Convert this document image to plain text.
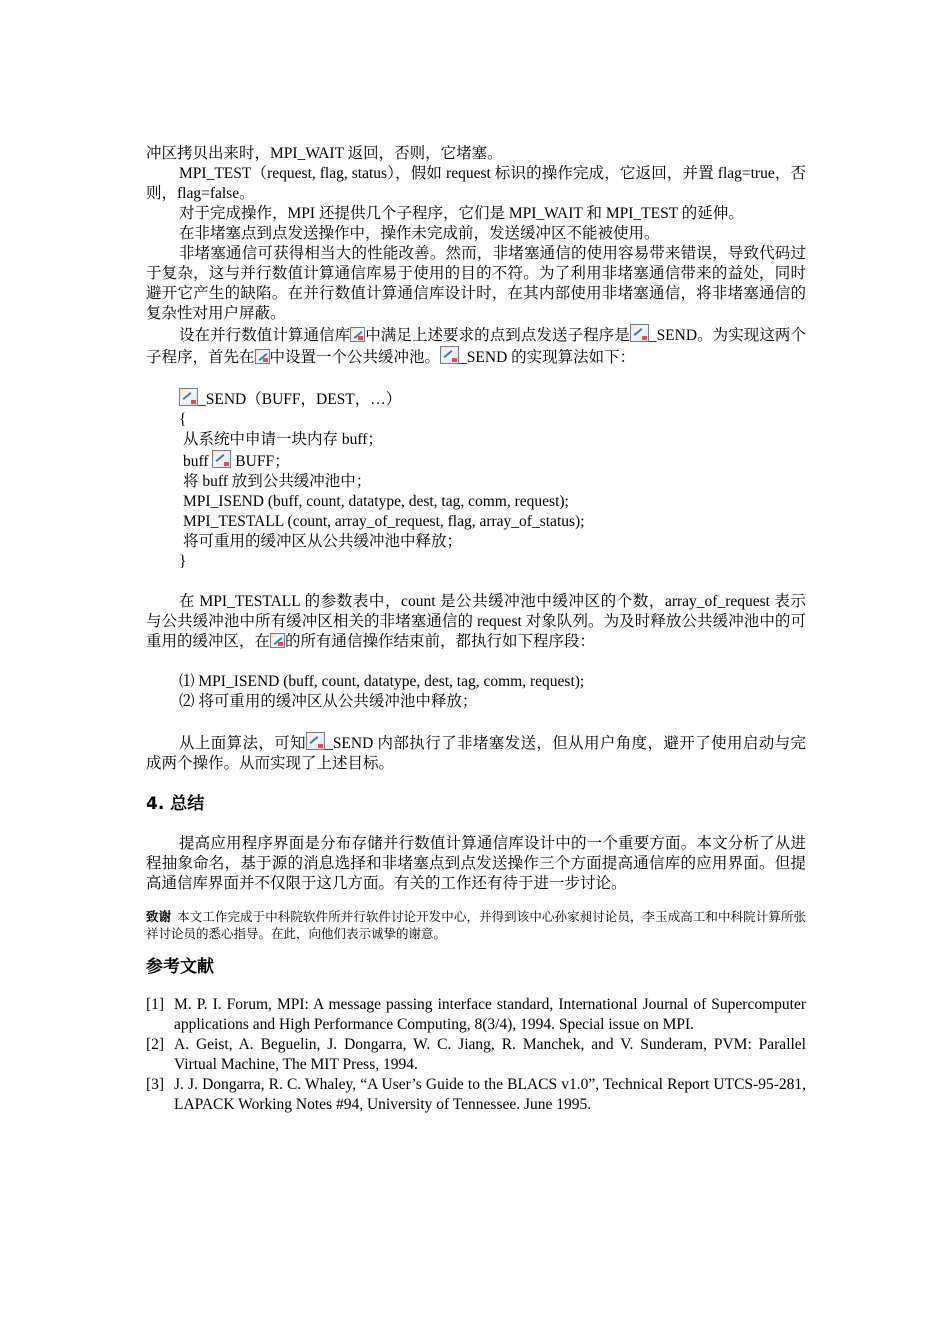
冲区拷贝出来时，MPI_WAIT 返回，否则，它堵塞。

MPI_TEST（request, flag, status），假如 request 标识的操作完成，它返回，并置 flag=true，否则，flag=false。

对于完成操作，MPI 还提供几个子程序，它们是 MPI_WAIT 和 MPI_TEST 的延伸。

在非堵塞点到点发送操作中，操作未完成前，发送缓冲区不能被使用。

非堵塞通信可获得相当大的性能改善。然而，非堵塞通信的使用容易带来错误，导致代码过于复杂，这与并行数值计算通信库易于使用的目的不符。为了利用非堵塞通信带来的益处，同时避开它产生的缺陷。在并行数值计算通信库设计时，在其内部使用非堵塞通信，将非堵塞通信的复杂性对用户屏蔽。

设在并行数值计算通信库 中满足上述要求的点到点发送子程序是 _SEND。为实现这两个子程序，首先在 中设置一个公共缓冲池。 _SEND 的实现算法如下：

_SEND（BUFF，DEST，…）

{

从系统中申请一块内存 buff；

buff BUFF；

将 buff 放到公共缓冲池中；

MPI_ISEND (buff, count, datatype, dest, tag, comm, request);

MPI_TESTALL (count, array_of_request, flag, array_of_status);

将可重用的缓冲区从公共缓冲池中释放；

}

在 MPI_TESTALL 的参数表中，count 是公共缓冲池中缓冲区的个数，array_of_request 表示与公共缓冲池中所有缓冲区相关的非堵塞通信的 request 对象队列。为及时释放公共缓冲池中的可重用的缓冲区，在 的所有通信操作结束前，都执行如下程序段：

⑴ MPI_ISEND (buff, count, datatype, dest, tag, comm, request);

⑵ 将可重用的缓冲区从公共缓冲池中释放；

从上面算法，可知 _SEND 内部执行了非堵塞发送，但从用户角度，避开了使用启动与完成两个操作。从而实现了上述目标。

4. 总结

提高应用程序界面是分布存储并行数值计算通信库设计中的一个重要方面。本文分析了从进程抽象命名，基于源的消息选择和非堵塞点到点发送操作三个方面提高通信库的应用界面。但提高通信库界面并不仅限于这几方面。有关的工作还有待于进一步讨论。

致谢 本文工作完成于中科院软件所并行软件讨论开发中心，并得到该中心孙家昶讨论员，李玉成高工和中科院计算所张祥讨论员的悉心指导。在此，向他们表示诚挚的谢意。

参考文献
[1] M. P. I. Forum, MPI: A message passing interface standard, International Journal of Supercomputer applications and High Performance Computing, 8(3/4), 1994. Special issue on MPI.
[2] A. Geist, A. Beguelin, J. Dongarra, W. C. Jiang, R. Manchek, and V. Sunderam, PVM: Parallel Virtual Machine, The MIT Press, 1994.
[3] J. J. Dongarra, R. C. Whaley, “A User’s Guide to the BLACS v1.0”, Technical Report UTCS-95-281, LAPACK Working Notes #94, University of Tennessee. June 1995.
